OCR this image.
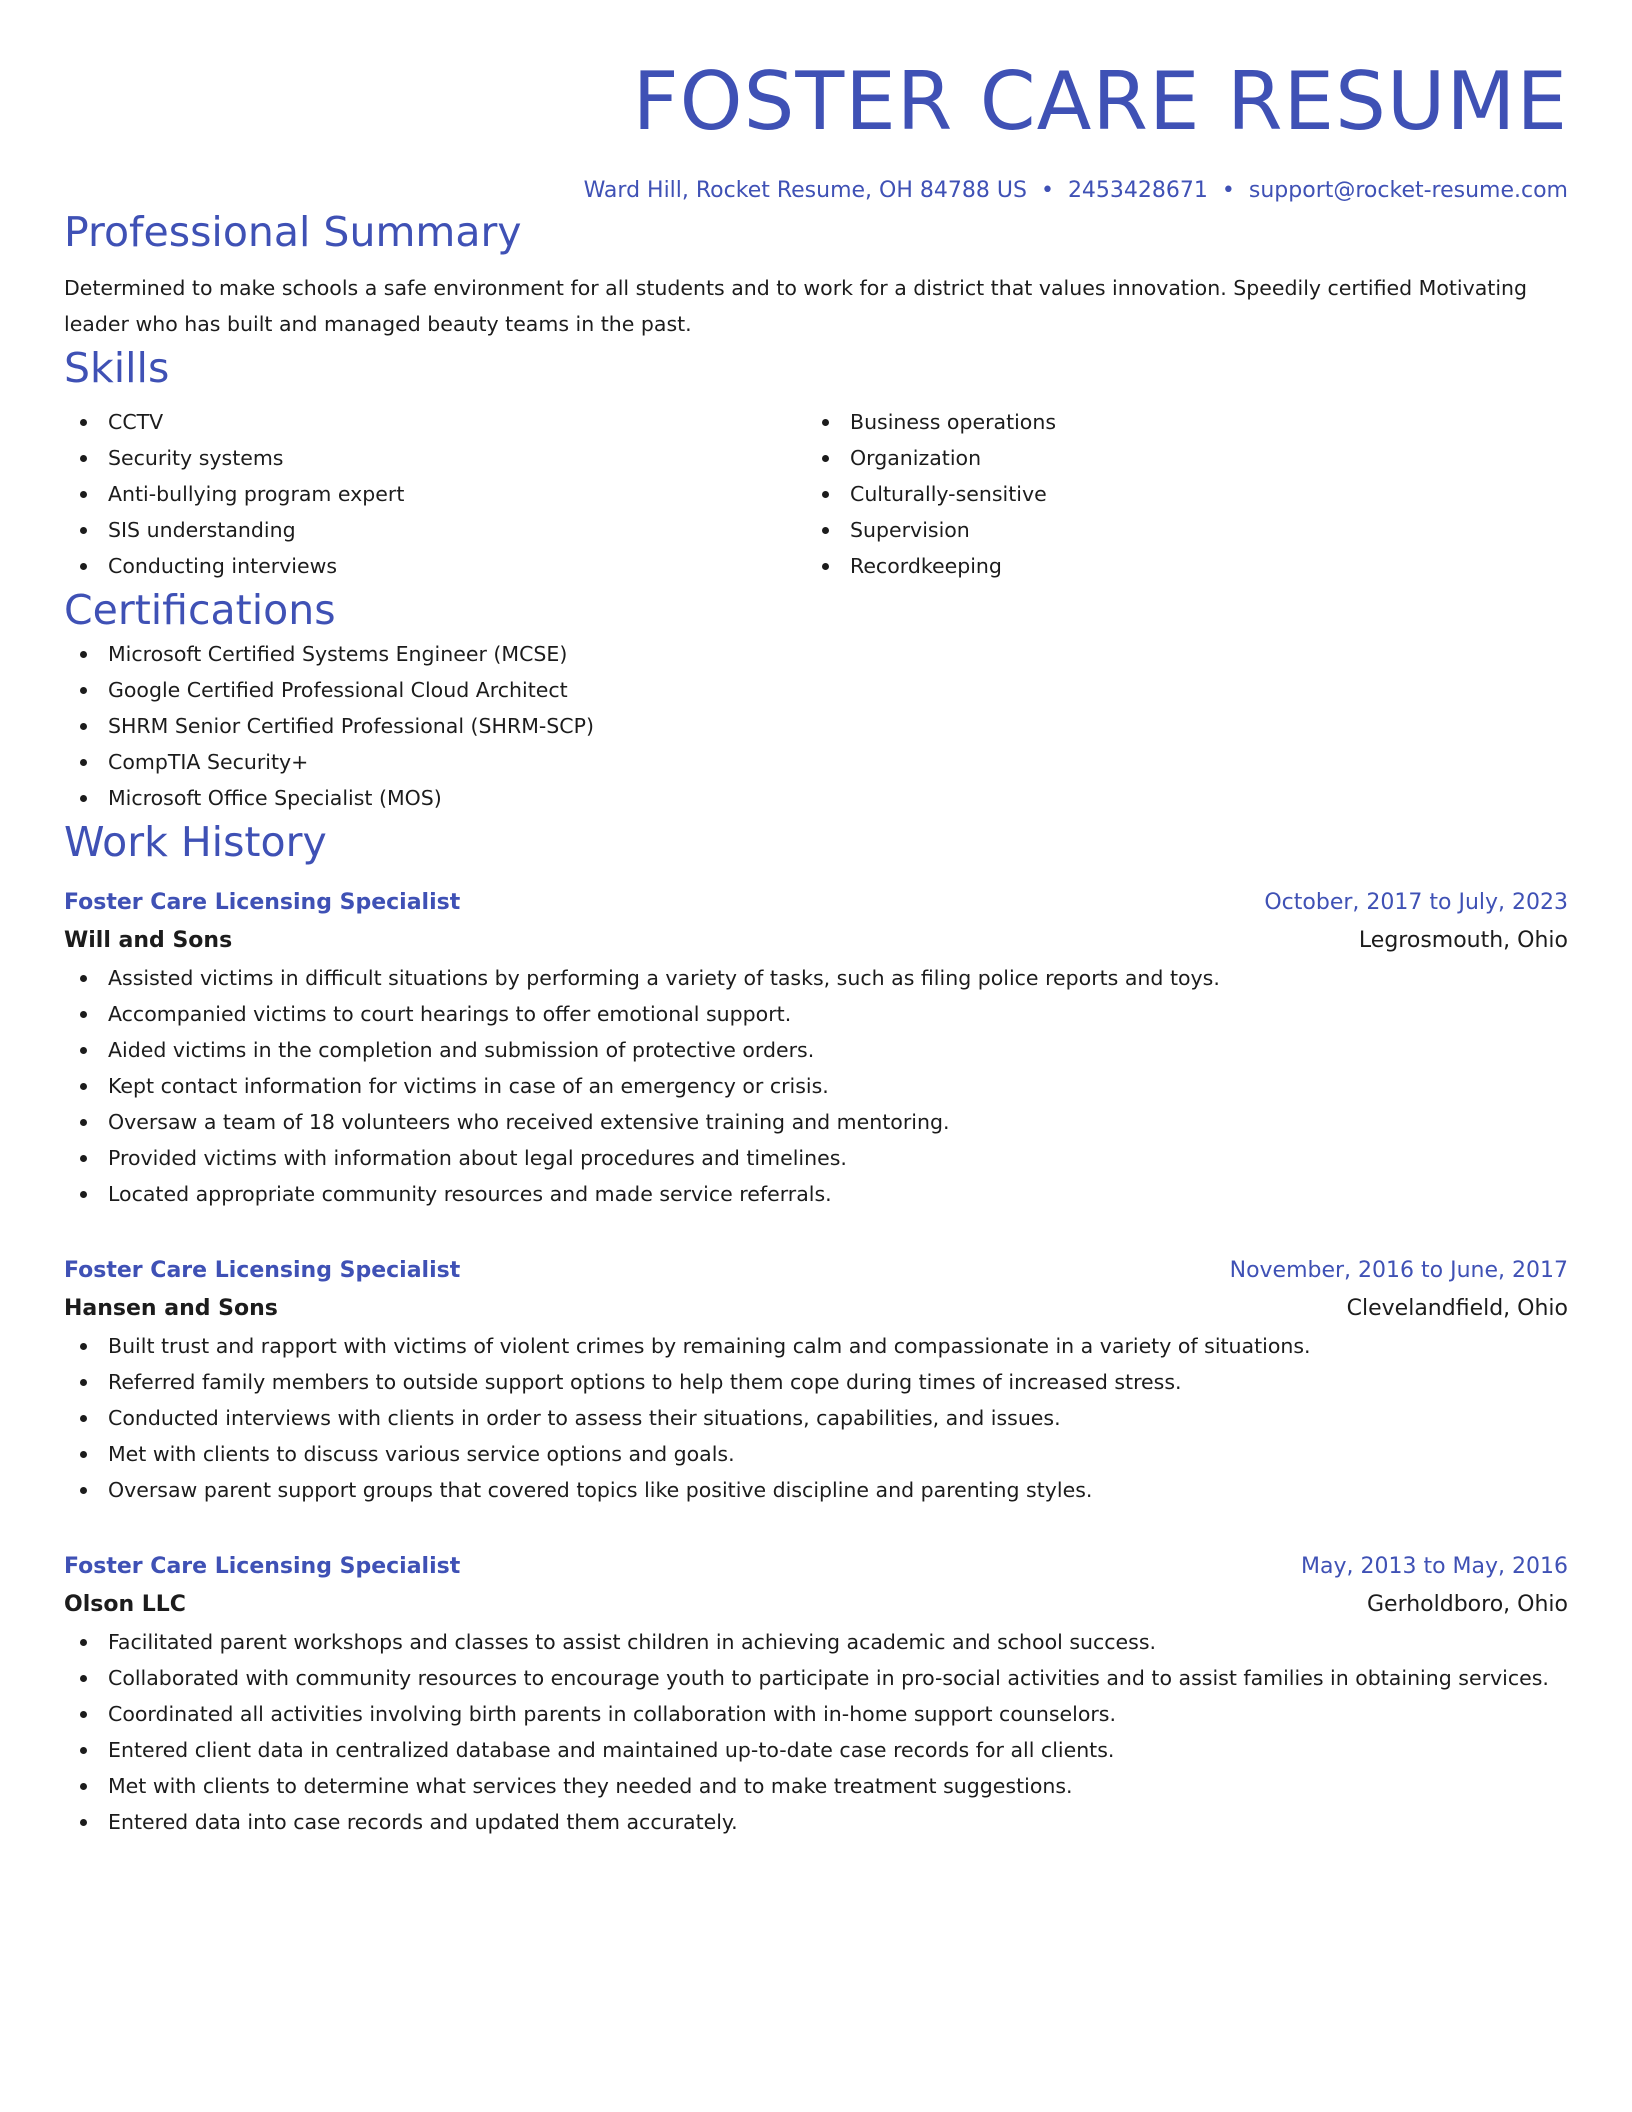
FOSTER CARE RESUME
Ward Hill, Rocket Resume, OH 84788 US • 2453428671 • support@rocket-resume.com
Professional Summary
Determined to make schools a safe environment for all students and to work for a district that values innovation. Speedily certified Motivating leader who has built and managed beauty teams in the past.
Skills
CCTV
Security systems
Anti-bullying program expert
SIS understanding
Conducting interviews
Business operations
Organization
Culturally-sensitive
Supervision
Recordkeeping
Certifications
Microsoft Certified Systems Engineer (MCSE)
Google Certified Professional Cloud Architect
SHRM Senior Certified Professional (SHRM-SCP)
CompTIA Security+
Microsoft Office Specialist (MOS)
Work History
Foster Care Licensing Specialist	October, 2017 to July, 2023
Will and Sons	Legrosmouth, Ohio
Assisted victims in difficult situations by performing a variety of tasks, such as filing police reports and toys.
Accompanied victims to court hearings to offer emotional support.
Aided victims in the completion and submission of protective orders.
Kept contact information for victims in case of an emergency or crisis.
Oversaw a team of 18 volunteers who received extensive training and mentoring.
Provided victims with information about legal procedures and timelines.
Located appropriate community resources and made service referrals.
Foster Care Licensing Specialist	November, 2016 to June, 2017
Hansen and Sons	Clevelandfield, Ohio
Built trust and rapport with victims of violent crimes by remaining calm and compassionate in a variety of situations.
Referred family members to outside support options to help them cope during times of increased stress.
Conducted interviews with clients in order to assess their situations, capabilities, and issues.
Met with clients to discuss various service options and goals.
Oversaw parent support groups that covered topics like positive discipline and parenting styles.
Foster Care Licensing Specialist	May, 2013 to May, 2016
Olson LLC	Gerholdboro, Ohio
Facilitated parent workshops and classes to assist children in achieving academic and school success.
Collaborated with community resources to encourage youth to participate in pro-social activities and to assist families in obtaining services.
Coordinated all activities involving birth parents in collaboration with in-home support counselors.
Entered client data in centralized database and maintained up-to-date case records for all clients.
Met with clients to determine what services they needed and to make treatment suggestions.
Entered data into case records and updated them accurately.
